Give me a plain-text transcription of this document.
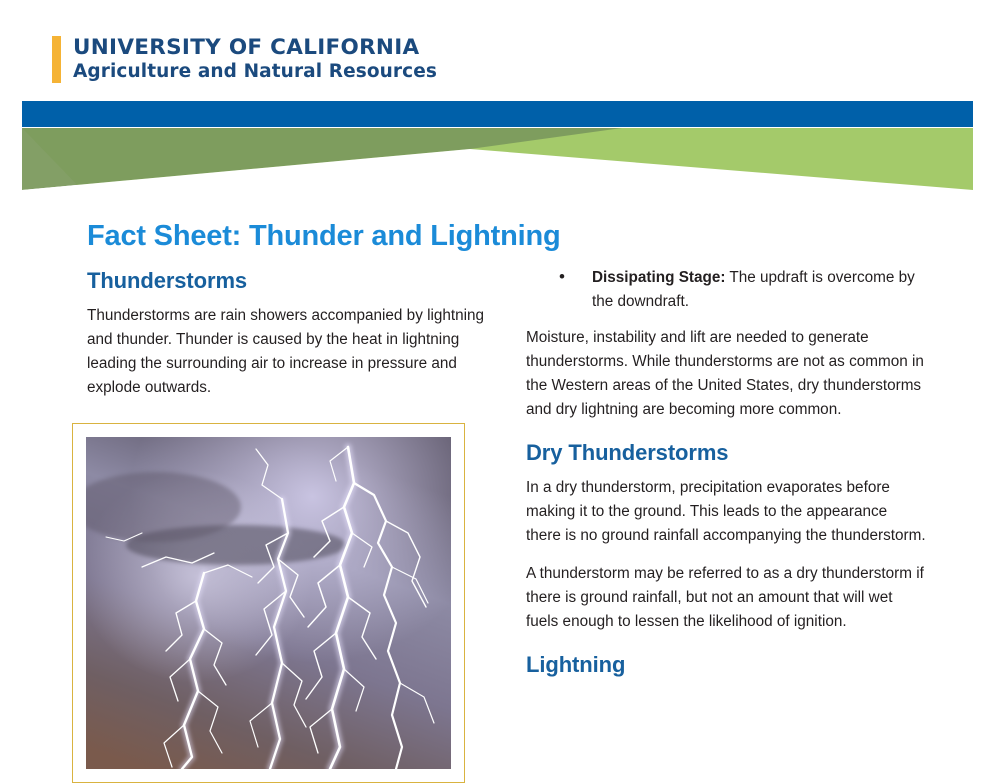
UNIVERSITY OF CALIFORNIA
Agriculture and Natural Resources
Fact Sheet: Thunder and Lightning
Thunderstorms

Thunderstorms are rain showers accompanied by lightning and thunder. Thunder is caused by the heat in lightning leading the surrounding air to increase in pressure and explode outwards.

• Dissipating Stage: The updraft is overcome by the downdraft.

Moisture, instability and lift are needed to generate thunderstorms. While thunderstorms are not as common in the Western areas of the United States, dry thunderstorms and dry lightning are becoming more common.

Dry Thunderstorms

In a dry thunderstorm, precipitation evaporates before making it to the ground. This leads to the appearance there is no ground rainfall accompanying the thunderstorm.

A thunderstorm may be referred to as a dry thunderstorm if there is ground rainfall, but not an amount that will wet fuels enough to lessen the likelihood of ignition.

Lightning
